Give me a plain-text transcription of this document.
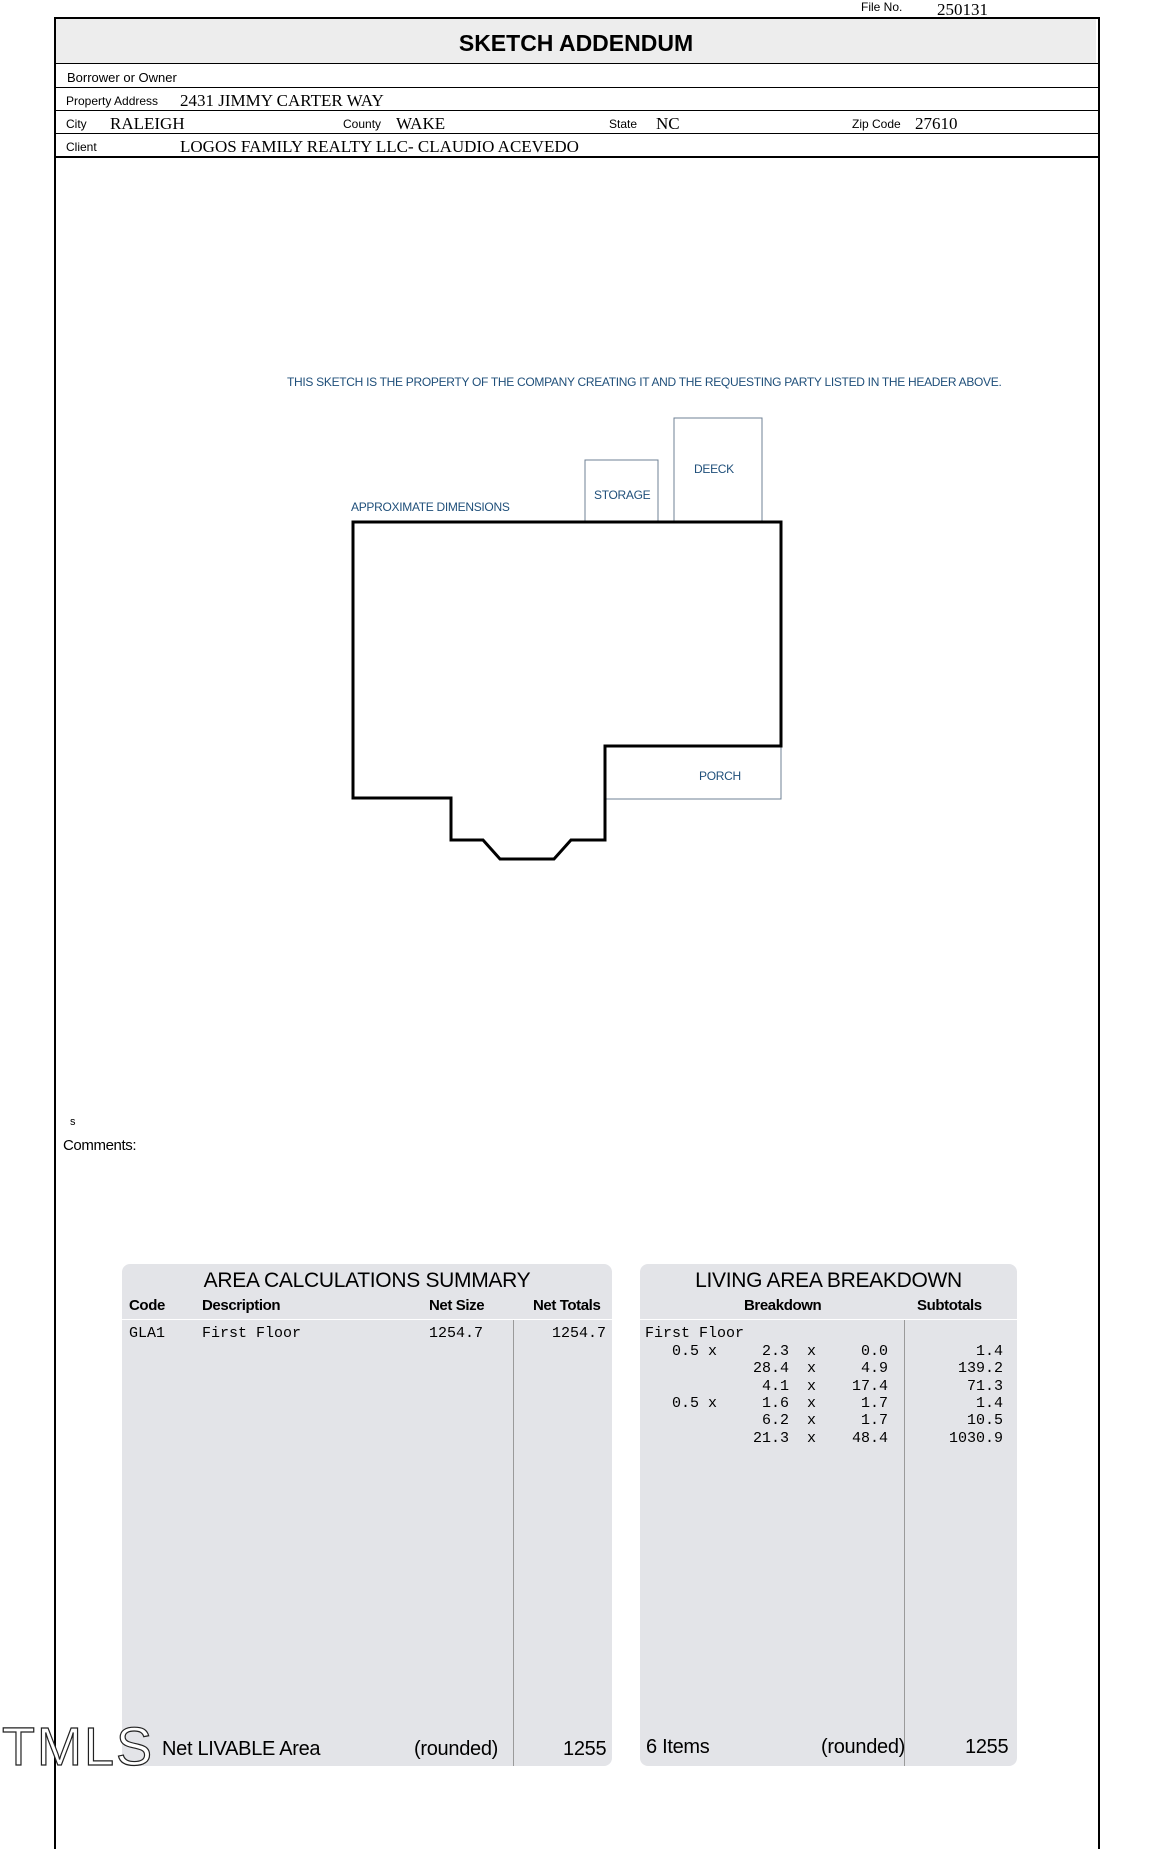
File No. 250131
SKETCH ADDENDUM
Borrower or Owner
Property Address 2431 JIMMY CARTER WAY
City RALEIGH	County WAKE	State NC	Zip Code 27610
Client	LOGOS FAMILY REALTY LLC- CLAUDIO ACEVEDO
THIS SKETCH IS THE PROPERTY OF THE COMPANY CREATING IT AND THE REQUESTING PARTY LISTED IN THE HEADER ABOVE.
APPROXIMATE DIMENSIONS
STORAGE
DEECK
PORCH
s
Comments:
AREA CALCULATIONS SUMMARY
Code Description	Net Size	Net Totals
GLA1 First Floor	1254.7	1254.7
Net LIVABLE Area	(rounded)	1255
LIVING AREA BREAKDOWN
Breakdown	Subtotals
First Floor
0.5 x     2.3  x     0.0	1.4
28.4  x     4.9	139.2
4.1  x    17.4	71.3
0.5 x     1.6  x     1.7	1.4
6.2  x     1.7	10.5
21.3  x    48.4	1030.9
6 Items	(rounded)	1255
TMLS
